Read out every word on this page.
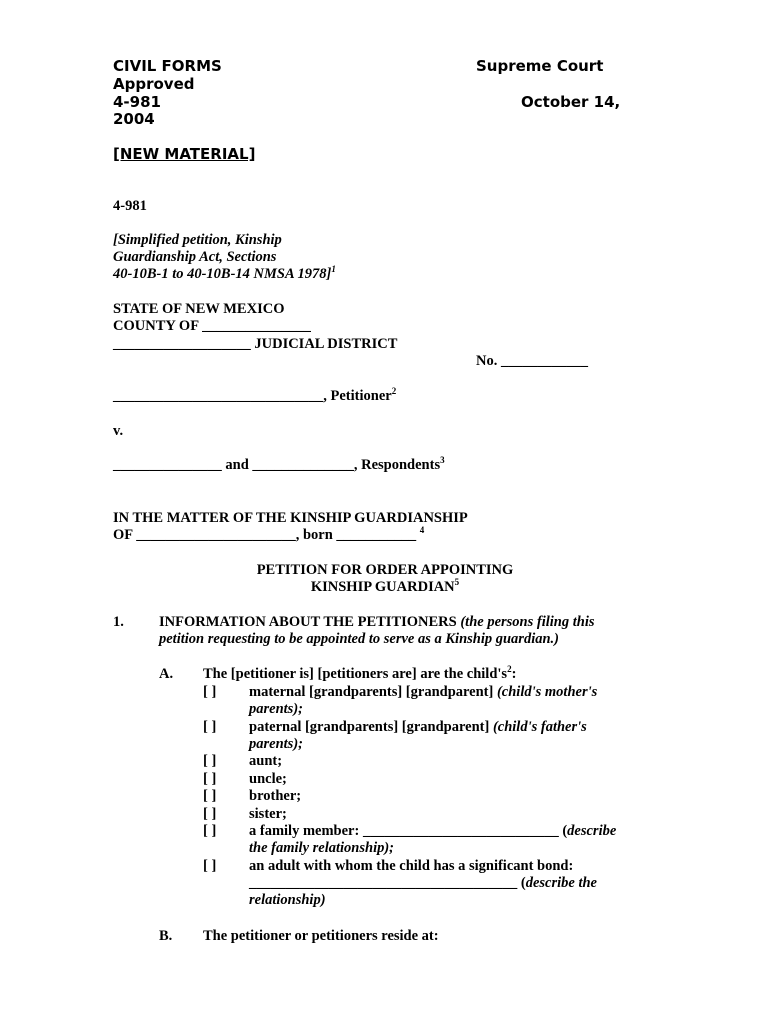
CIVIL FORMS	Supreme Court
Approved
4-981	October 14,
2004
[NEW MATERIAL]
4-981
[Simplified petition, Kinship
Guardianship Act, Sections
40-10B-1 to 40-10B-14 NMSA 1978]$^1$
STATE OF NEW MEXICO
COUNTY OF _______________
___________________ JUDICIAL DISTRICT
No. ____________
_____________________________, Petitioner$^2$
v.
_______________ and ______________, Respondents$^3$
IN THE MATTER OF THE KINSHIP GUARDIANSHIP
OF ______________________, born ___________ $^4$
PETITION FOR ORDER APPOINTING
KINSHIP GUARDIAN$^5$
1. INFORMATION ABOUT THE PETITIONERS (the persons filing this
petition requesting to be appointed to serve as a Kinship guardian.)
A. The [petitioner is] [petitioners are] are the $child's^2$:
[ ]	maternal [grandparents] [grandparent] (child's mother's
parents);
[ ]	paternal [grandparents] [grandparent] (child's father's
parents);
[ ]	aunt;
[ ]	uncle;
[ ]	brother;
[ ]	sister;
[ ]	a family member: ___________________________ (describe
the family relationship);
[ ]	an adult with whom the child has a significant bond:
_____________________________________ (describe the
relationship)
B. The petitioner or petitioners reside at:
